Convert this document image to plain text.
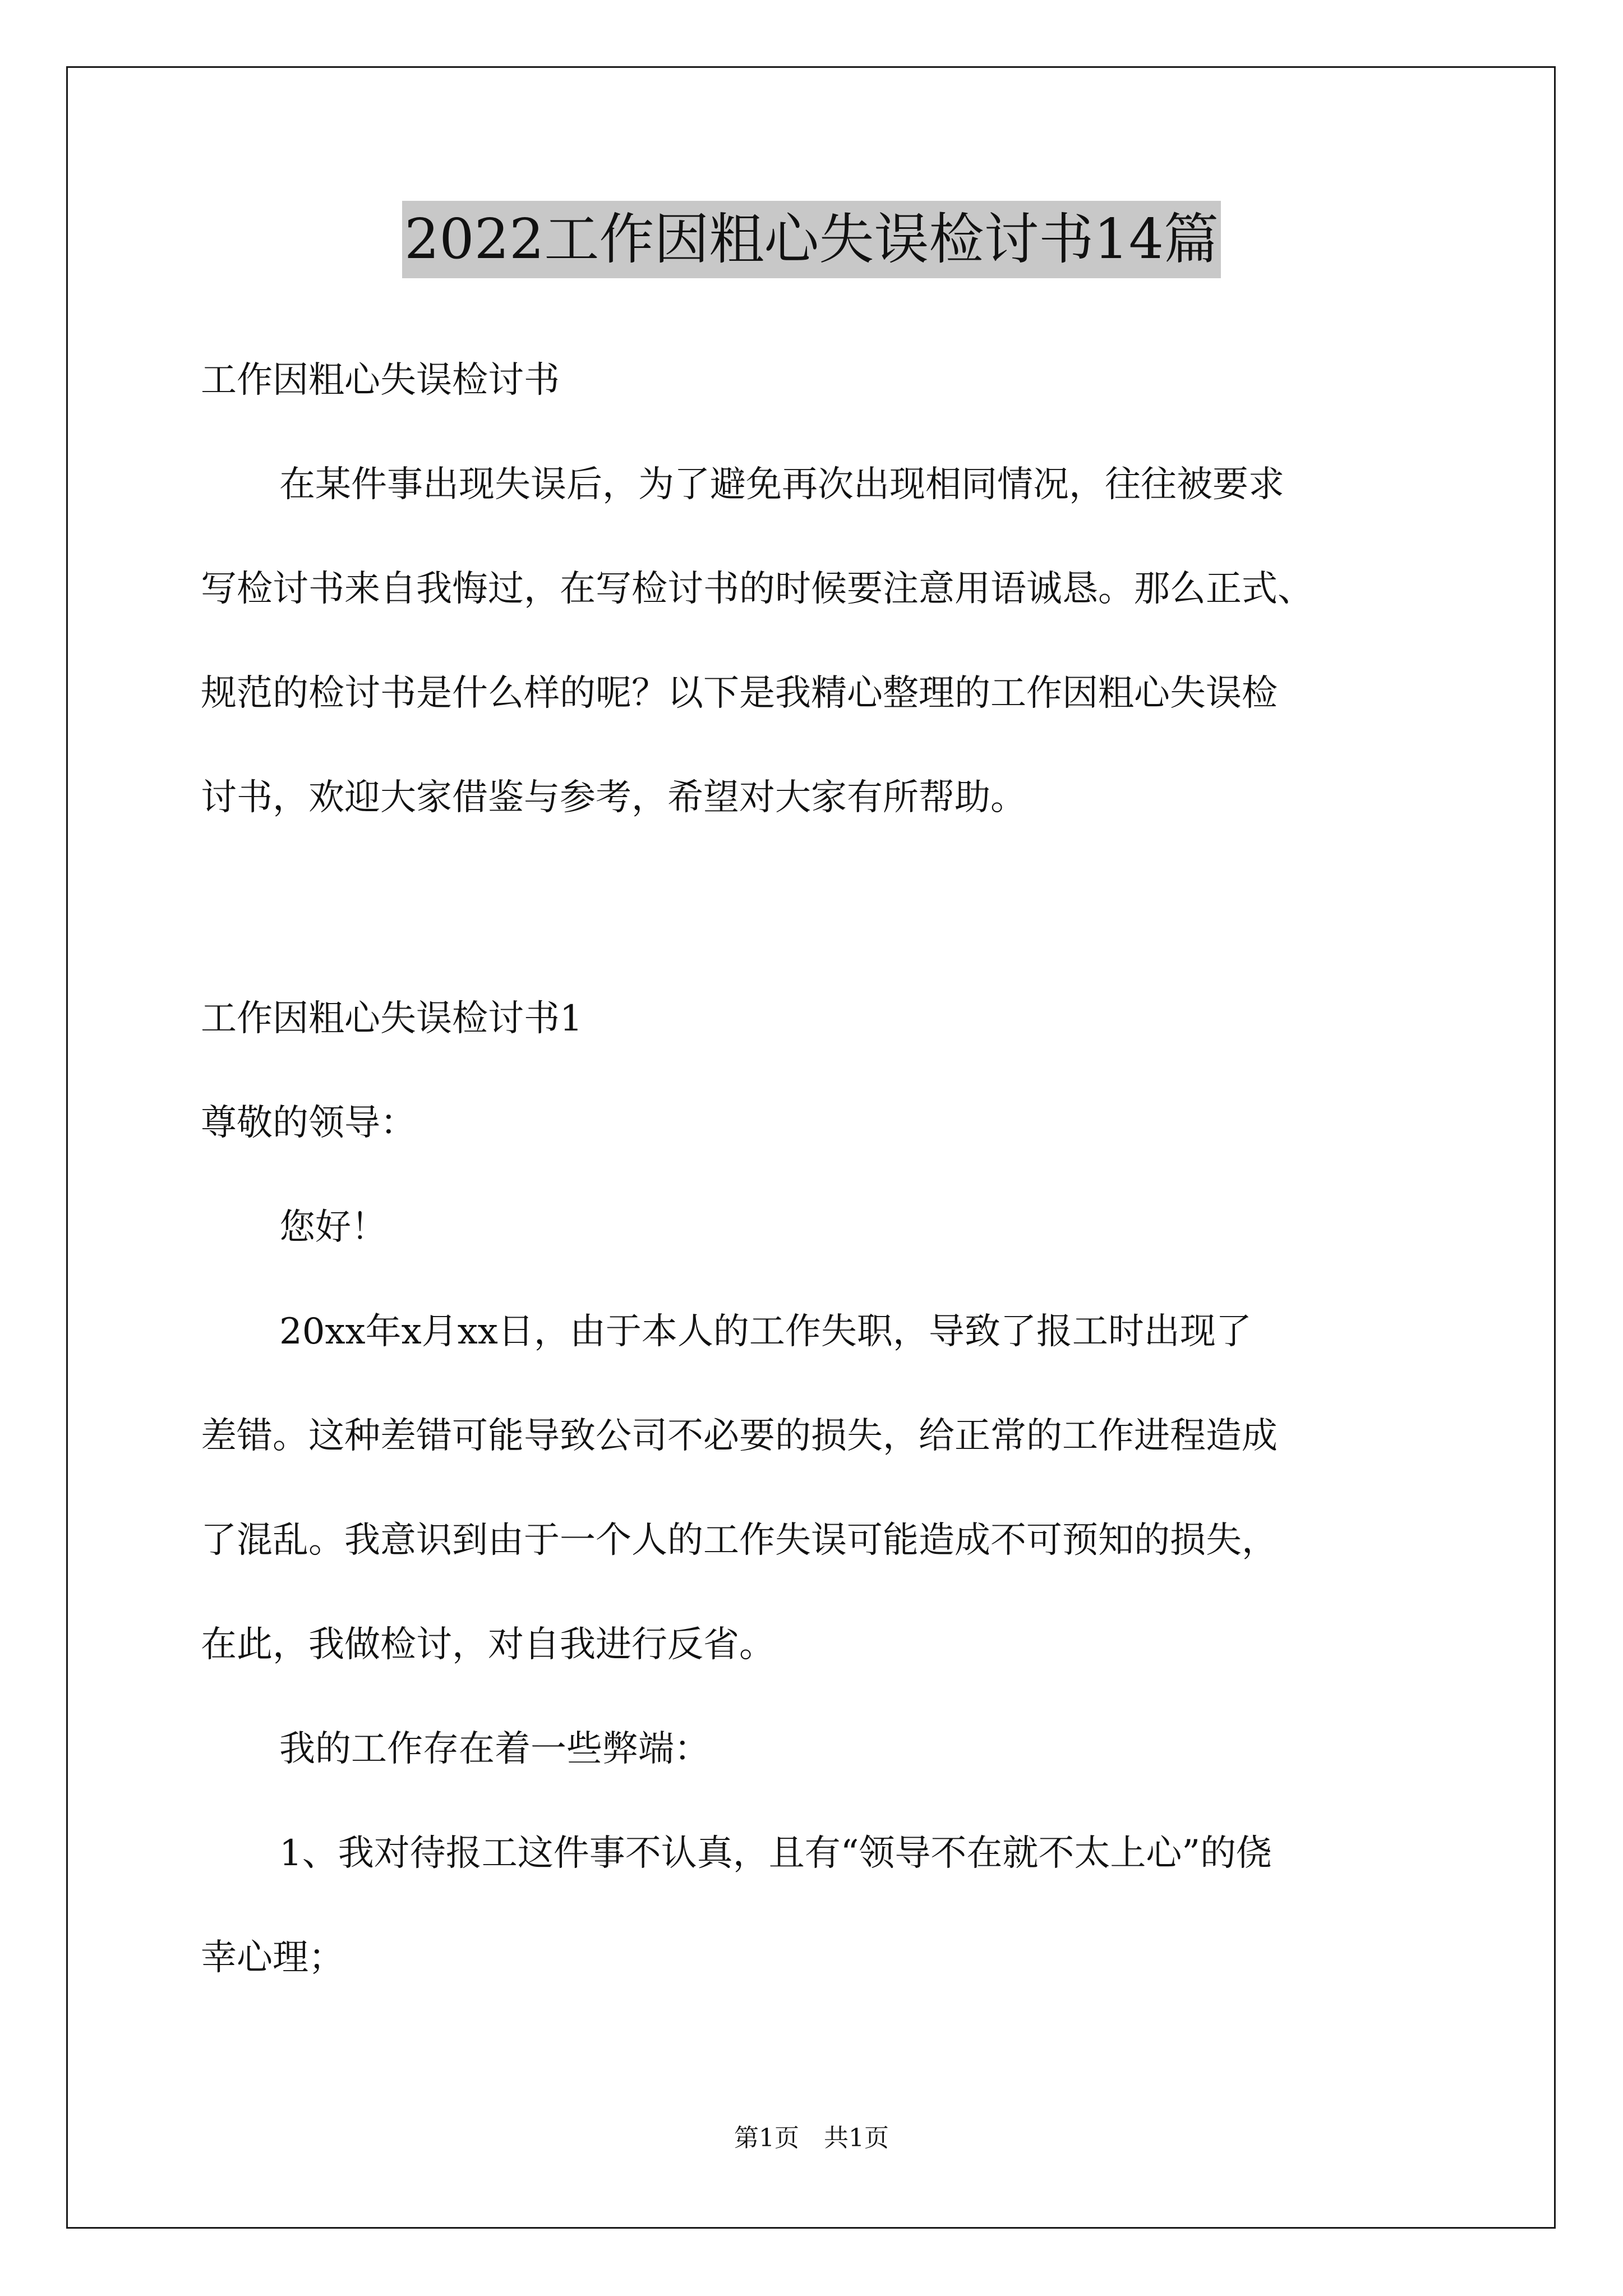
2022工作因粗心失误检讨书14篇
工作因粗心失误检讨书
在某件事出现失误后，为了避免再次出现相同情况，往往被要求
写检讨书来自我悔过，在写检讨书的时候要注意用语诚恳。那么正式、
规范的检讨书是什么样的呢？以下是我精心整理的工作因粗心失误检
讨书，欢迎大家借鉴与参考，希望对大家有所帮助。
工作因粗心失误检讨书1
尊敬的领导：
您好！
20xx年x月xx日，由于本人的工作失职，导致了报工时出现了
差错。这种差错可能导致公司不必要的损失，给正常的工作进程造成
了混乱。我意识到由于一个人的工作失误可能造成不可预知的损失，
在此，我做检讨，对自我进行反省。
我的工作存在着一些弊端：
1、我对待报工这件事不认真，且有“领导不在就不太上心”的侥
幸心理；
第1页　共1页
